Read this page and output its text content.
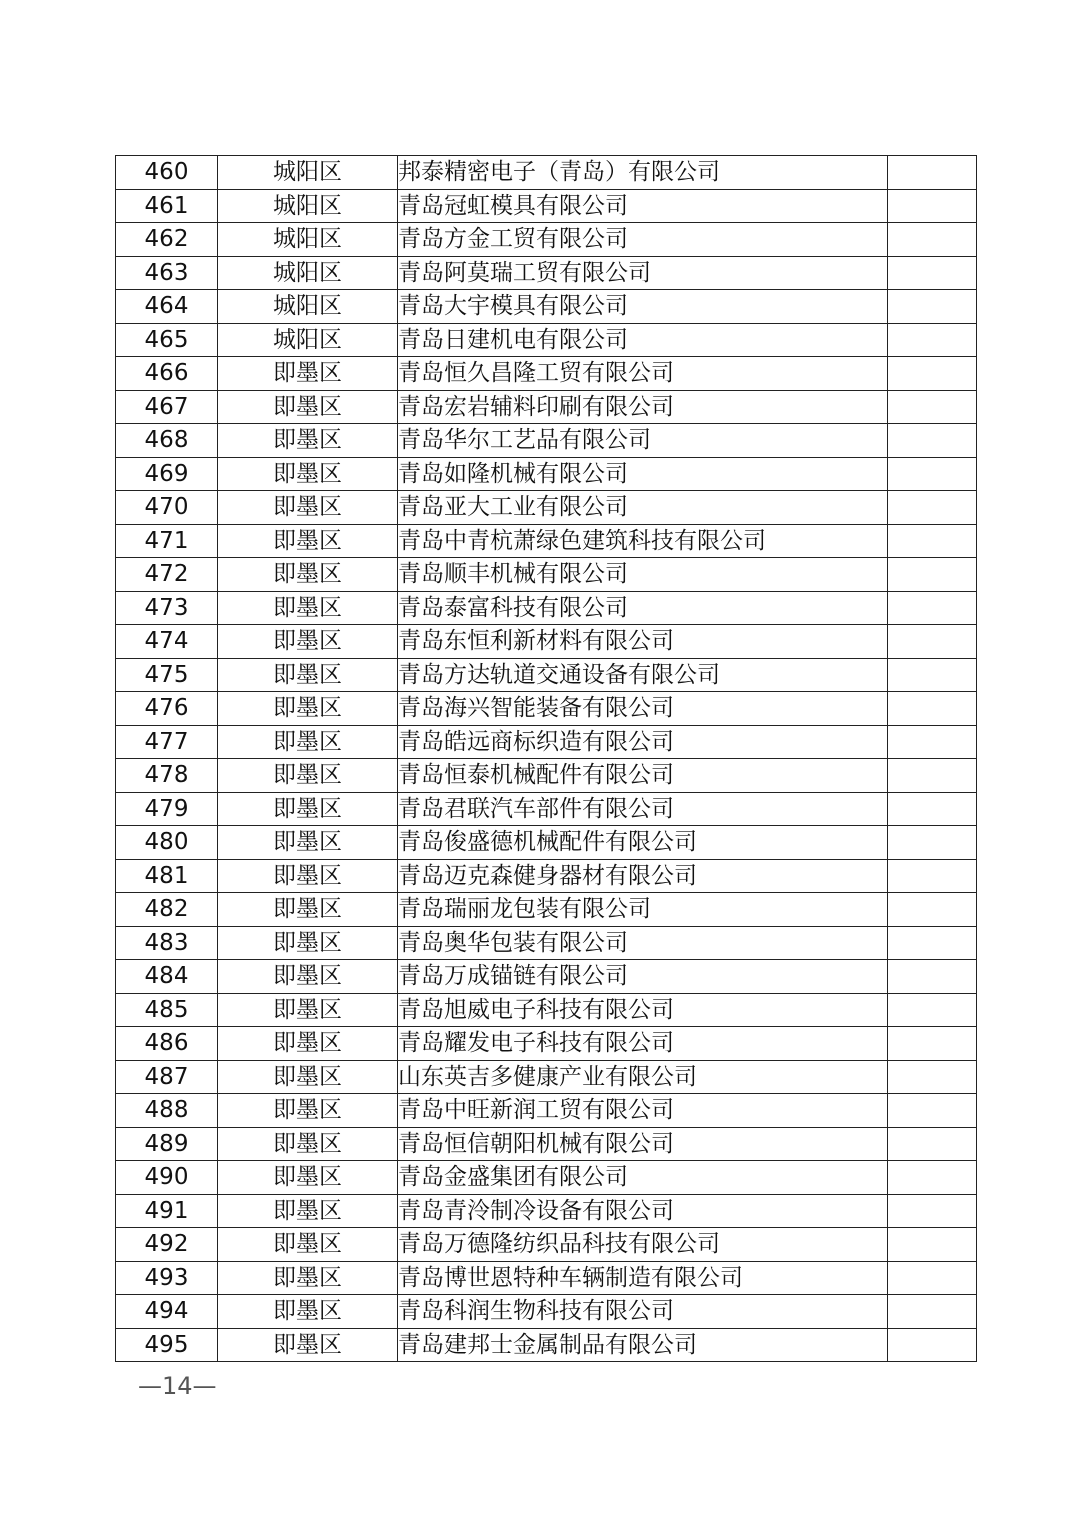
460	城阳区	邦泰精密电子（青岛）有限公司	
461	城阳区	青岛冠虹模具有限公司	
462	城阳区	青岛方金工贸有限公司	
463	城阳区	青岛阿莫瑞工贸有限公司	
464	城阳区	青岛大宇模具有限公司	
465	城阳区	青岛日建机电有限公司	
466	即墨区	青岛恒久昌隆工贸有限公司	
467	即墨区	青岛宏岩辅料印刷有限公司	
468	即墨区	青岛华尔工艺品有限公司	
469	即墨区	青岛如隆机械有限公司	
470	即墨区	青岛亚大工业有限公司	
471	即墨区	青岛中青杭萧绿色建筑科技有限公司	
472	即墨区	青岛顺丰机械有限公司	
473	即墨区	青岛泰富科技有限公司	
474	即墨区	青岛东恒利新材料有限公司	
475	即墨区	青岛方达轨道交通设备有限公司	
476	即墨区	青岛海兴智能装备有限公司	
477	即墨区	青岛皓远商标织造有限公司	
478	即墨区	青岛恒泰机械配件有限公司	
479	即墨区	青岛君联汽车部件有限公司	
480	即墨区	青岛俊盛德机械配件有限公司	
481	即墨区	青岛迈克森健身器材有限公司	
482	即墨区	青岛瑞丽龙包装有限公司	
483	即墨区	青岛奥华包装有限公司	
484	即墨区	青岛万成锚链有限公司	
485	即墨区	青岛旭威电子科技有限公司	
486	即墨区	青岛耀发电子科技有限公司	
487	即墨区	山东英吉多健康产业有限公司	
488	即墨区	青岛中旺新润工贸有限公司	
489	即墨区	青岛恒信朝阳机械有限公司	
490	即墨区	青岛金盛集团有限公司	
491	即墨区	青岛青泠制冷设备有限公司	
492	即墨区	青岛万德隆纺织品科技有限公司	
493	即墨区	青岛博世恩特种车辆制造有限公司	
494	即墨区	青岛科润生物科技有限公司	
495	即墨区	青岛建邦士金属制品有限公司	
—14—
